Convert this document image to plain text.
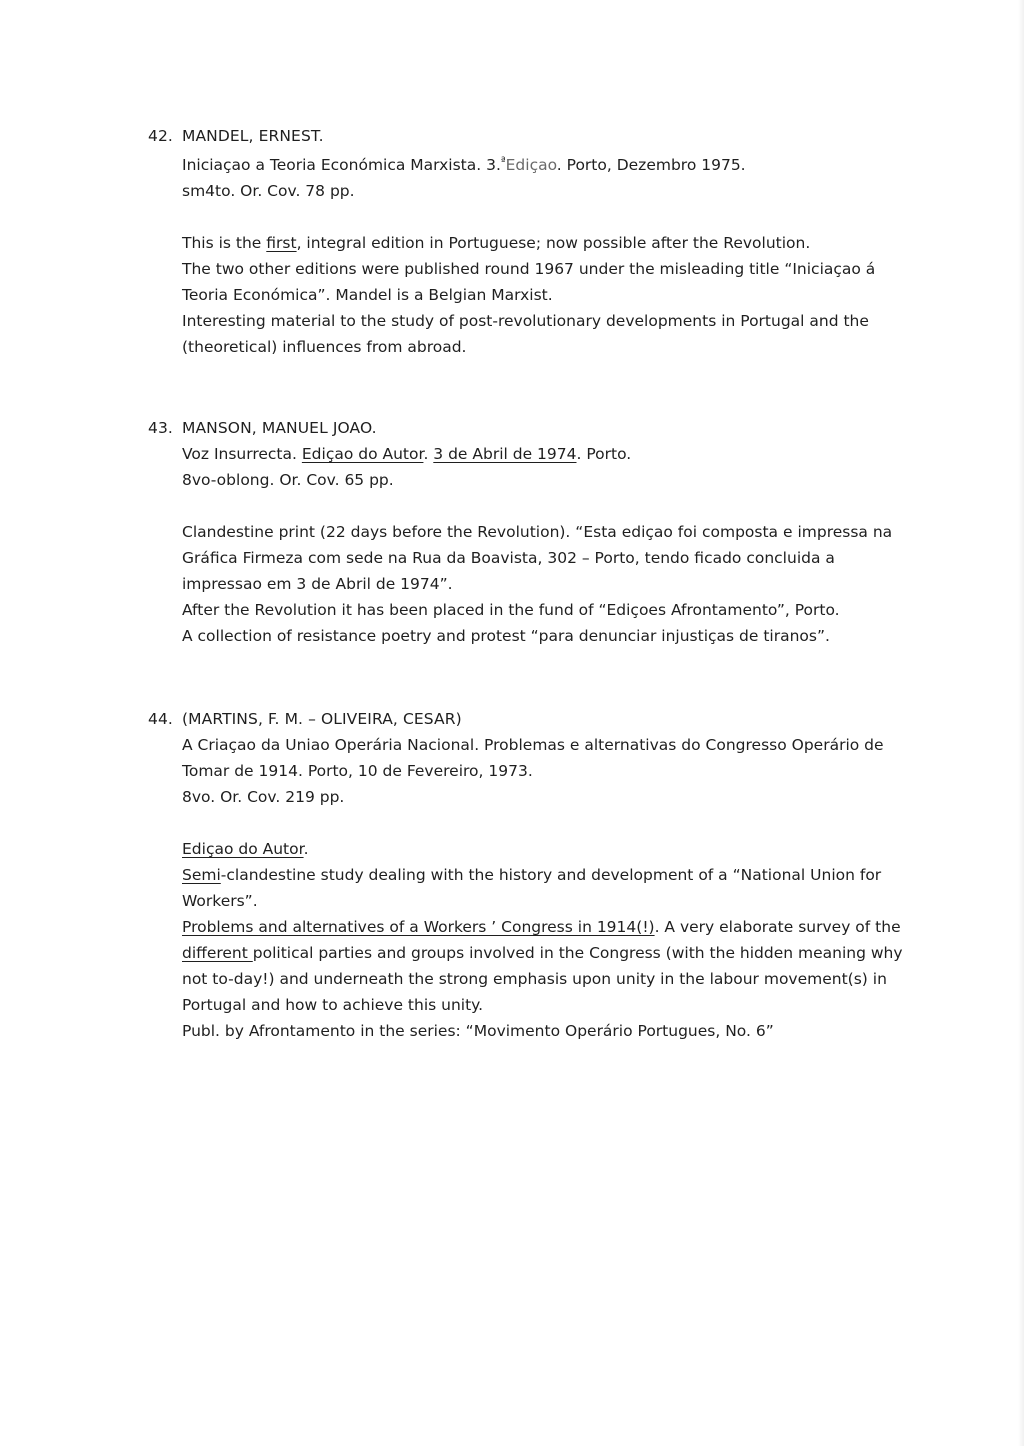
42. MANDEL, ERNEST.
Iniciaçao a Teoria Económica Marxista. 3.$^ª$Ediçao. Porto, Dezembro 1975.
sm4to. Or. Cov. 78 pp.
This is the first, integral edition in Portuguese; now possible after the Revolution.
The two other editions were published round 1967 under the misleading title “Iniciaçao á
Teoria Económica”. Mandel is a Belgian Marxist.
Interesting material to the study of post-revolutionary developments in Portugal and the
(theoretical) influences from abroad.
43. MANSON, MANUEL JOAO.
Voz Insurrecta. Ediçao do Autor. 3 de Abril de 1974. Porto.
8vo-oblong. Or. Cov. 65 pp.
Clandestine print (22 days before the Revolution). “Esta ediçao foi composta e impressa na
Gráfica Firmeza com sede na Rua da Boavista, 302 – Porto, tendo ficado concluida a
impressao em 3 de Abril de 1974”.
After the Revolution it has been placed in the fund of “Ediçoes Afrontamento”, Porto.
A collection of resistance poetry and protest “para denunciar injustiças de tiranos”.
44. (MARTINS, F. M. – OLIVEIRA, CESAR)
A Criaçao da Uniao Operária Nacional. Problemas e alternativas do Congresso Operário de
Tomar de 1914. Porto, 10 de Fevereiro, 1973.
8vo. Or. Cov. 219 pp.
Ediçao do Autor.
Semi-clandestine study dealing with the history and development of a “National Union for
Workers”.
Problems and alternatives of a Workers ’ Congress in 1914(!). A very elaborate survey of the
different political parties and groups involved in the Congress (with the hidden meaning why
not to-day!) and underneath the strong emphasis upon unity in the labour movement(s) in
Portugal and how to achieve this unity.
Publ. by Afrontamento in the series: “Movimento Operário Portugues, No. 6”
